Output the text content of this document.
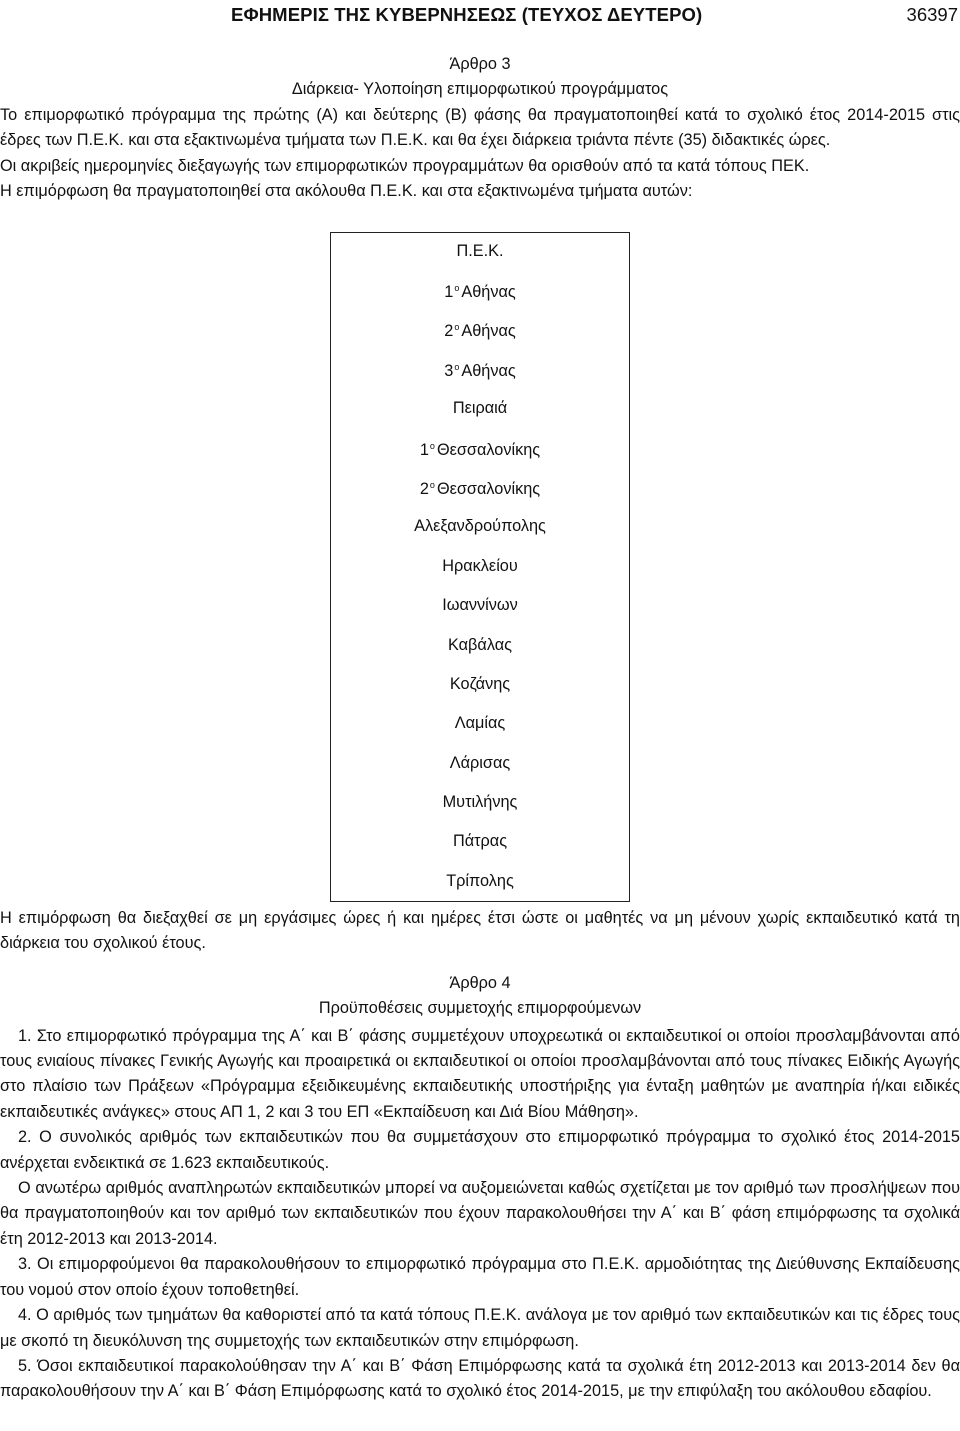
ΕΦΗΜΕΡΙΣ ΤΗΣ ΚΥΒΕΡΝΗΣΕΩΣ (ΤΕΥΧΟΣ ΔΕΥΤΕΡΟ)	36397

Άρθρο 3

Διάρκεια- Υλοποίηση επιμορφωτικού προγράμματος

Το επιμορφωτικό πρόγραμμα της πρώτης (Α) και δεύτερης (Β) φάσης θα πραγματοποιηθεί κατά το σχολικό έτος 2014-2015 στις έδρες των Π.Ε.Κ. και στα εξακτινωμένα τμήματα των Π.Ε.Κ. και θα έχει διάρκεια τριάντα πέντε (35) διδακτικές ώρες.

Οι ακριβείς ημερομηνίες διεξαγωγής των επιμορφωτικών προγραμμάτων θα ορισθούν από τα κατά τόπους ΠΕΚ.

Η επιμόρφωση θα πραγματοποιηθεί στα ακόλουθα Π.Ε.Κ. και στα εξακτινωμένα τμήματα αυτών:

Π.Ε.Κ.
$1^o$ Αθήνας
$2^o$ Αθήνας
$3^o$ Αθήνας
Πειραιά
$1^o$ Θεσσαλονίκης
$2^o$ Θεσσαλονίκης
Αλεξανδρούπολης
Ηρακλείου
Ιωαννίνων
Καβάλας
Κοζάνης
Λαμίας
Λάρισας
Μυτιλήνης
Πάτρας
Τρίπολης

Η επιμόρφωση θα διεξαχθεί σε μη εργάσιμες ώρες ή και ημέρες έτσι ώστε οι μαθητές να μη μένουν χωρίς εκπαιδευτικό κατά τη διάρκεια του σχολικού έτους.

Άρθρο 4

Προϋποθέσεις συμμετοχής επιμορφούμενων

1. Στο επιμορφωτικό πρόγραμμα της Α΄ και Β΄ φάσης συμμετέχουν υποχρεωτικά οι εκπαιδευτικοί οι οποίοι προσλαμβάνονται από τους ενιαίους πίνακες Γενικής Αγωγής και προαιρετικά οι εκπαιδευτικοί οι οποίοι προσλαμβάνονται από τους πίνακες Ειδικής Αγωγής στο πλαίσιο των Πράξεων «Πρόγραμμα εξειδικευμένης εκπαιδευτικής υποστήριξης για ένταξη μαθητών με αναπηρία ή/και ειδικές εκπαιδευτικές ανάγκες» στους ΑΠ 1, 2 και 3 του ΕΠ «Εκπαίδευση και Διά Βίου Μάθηση».

2. Ο συνολικός αριθμός των εκπαιδευτικών που θα συμμετάσχουν στο επιμορφωτικό πρόγραμμα το σχολικό έτος 2014-2015 ανέρχεται ενδεικτικά σε 1.623 εκπαιδευτικούς.

Ο ανωτέρω αριθμός αναπληρωτών εκπαιδευτικών μπορεί να αυξομειώνεται καθώς σχετίζεται με τον αριθμό των προσλήψεων που θα πραγματοποιηθούν και τον αριθμό των εκπαιδευτικών που έχουν παρακολουθήσει την Α΄ και Β΄ φάση επιμόρφωσης τα σχολικά έτη 2012-2013 και 2013-2014.

3. Οι επιμορφούμενοι θα παρακολουθήσουν το επιμορφωτικό πρόγραμμα στο Π.Ε.Κ. αρμοδιότητας της Διεύθυνσης Εκπαίδευσης του νομού στον οποίο έχουν τοποθετηθεί.

4. Ο αριθμός των τμημάτων θα καθοριστεί από τα κατά τόπους Π.Ε.Κ. ανάλογα με τον αριθμό των εκπαιδευτικών και τις έδρες τους με σκοπό τη διευκόλυνση της συμμετοχής των εκπαιδευτικών στην επιμόρφωση.

5. Όσοι εκπαιδευτικοί παρακολούθησαν την Α΄ και Β΄ Φάση Επιμόρφωσης κατά τα σχολικά έτη 2012-2013 και 2013-2014 δεν θα παρακολουθήσουν την Α΄ και Β΄ Φάση Επιμόρφωσης κατά το σχολικό έτος 2014-2015, με την επιφύλαξη του ακόλουθου εδαφίου.
